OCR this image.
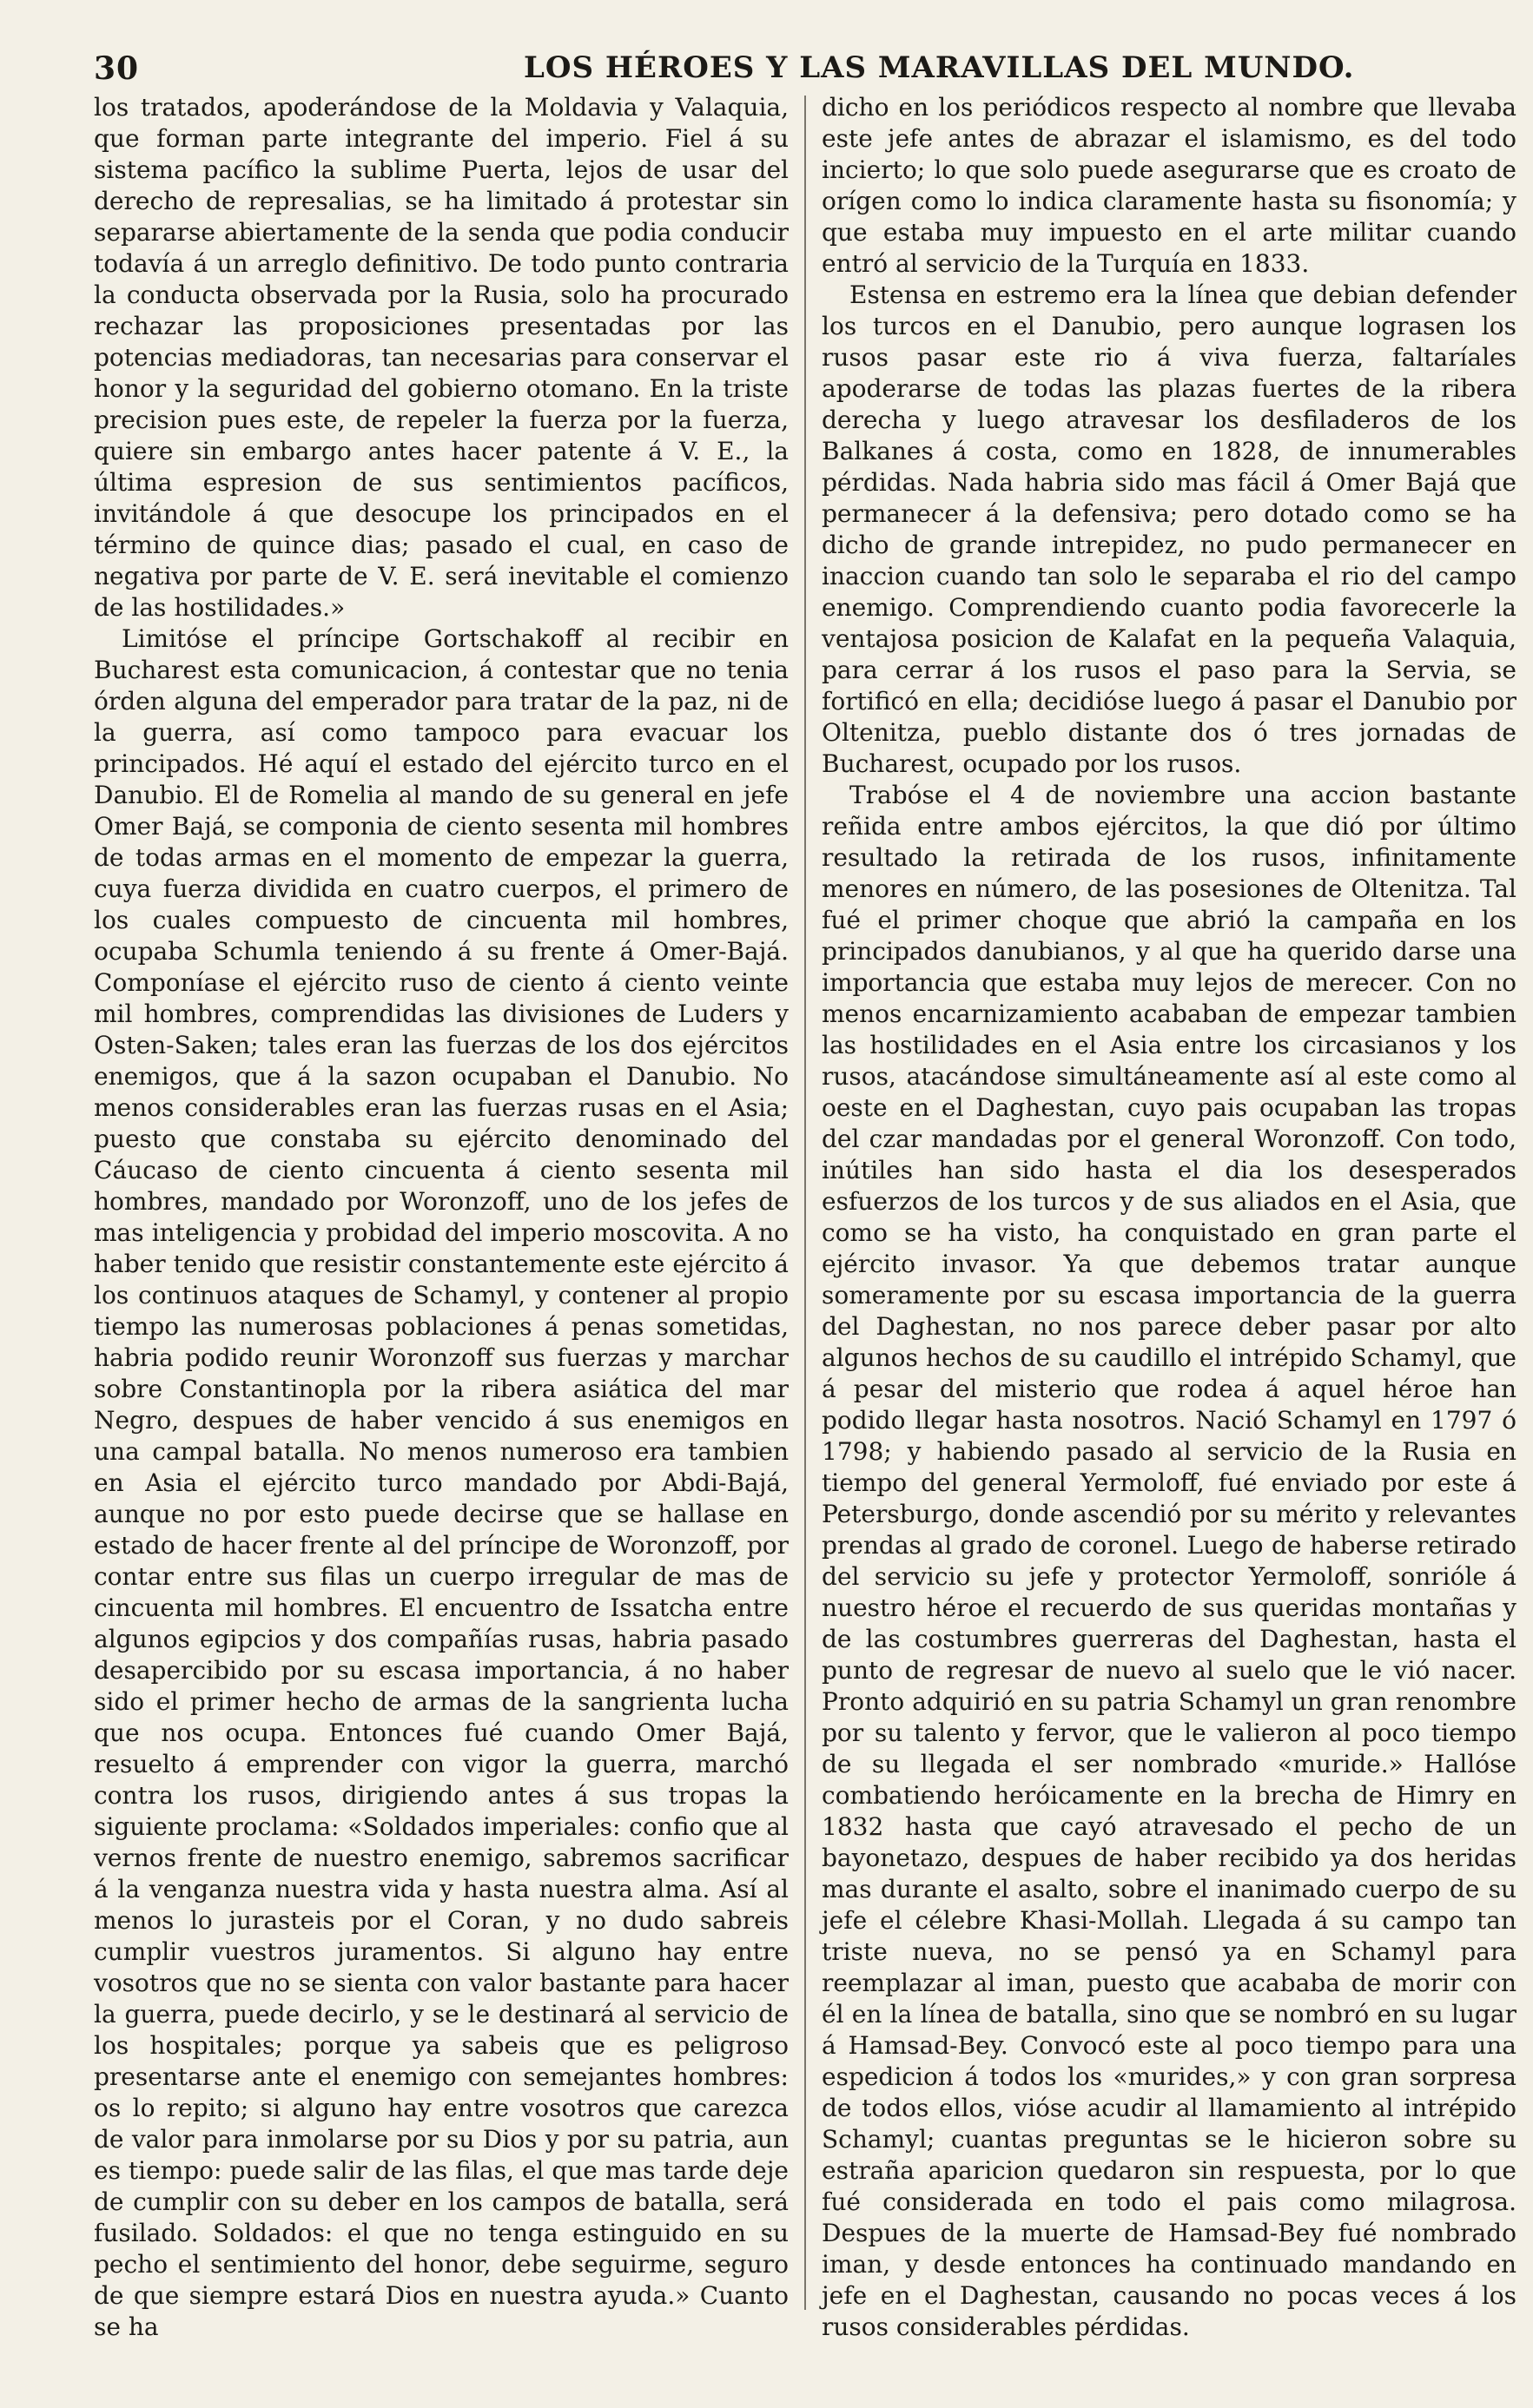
30	LOS HÉROES Y LAS MARAVILLAS DEL MUNDO.

los tratados, apoderándose de la Moldavia y Valaquia, que forman parte integrante del imperio. Fiel á su sistema pacífico la sublime Puerta, lejos de usar del derecho de represalias, se ha limitado á protestar sin separarse abiertamente de la senda que podia conducir todavía á un arreglo definitivo. De todo punto contraria la conducta observada por la Rusia, solo ha procurado rechazar las proposiciones presentadas por las potencias mediadoras, tan necesarias para conservar el honor y la seguridad del gobierno otomano. En la triste precision pues este, de repeler la fuerza por la fuerza, quiere sin embargo antes hacer patente á V. E., la última espresion de sus sentimientos pacíficos, invitándole á que desocupe los principados en el término de quince dias; pasado el cual, en caso de negativa por parte de V. E. será inevitable el comienzo de las hostilidades.»

Limitóse el príncipe Gortschakoff al recibir en Bucharest esta comunicacion, á contestar que no tenia órden alguna del emperador para tratar de la paz, ni de la guerra, así como tampoco para evacuar los principados. Hé aquí el estado del ejército turco en el Danubio. El de Romelia al mando de su general en jefe Omer Bajá, se componia de ciento sesenta mil hombres de todas armas en el momento de empezar la guerra, cuya fuerza dividida en cuatro cuerpos, el primero de los cuales compuesto de cincuenta mil hombres, ocupaba Schumla teniendo á su frente á Omer-Bajá. Componíase el ejército ruso de ciento á ciento veinte mil hombres, comprendidas las divisiones de Luders y Osten-Saken; tales eran las fuerzas de los dos ejércitos enemigos, que á la sazon ocupaban el Danubio. No menos considerables eran las fuerzas rusas en el Asia; puesto que constaba su ejército denominado del Cáucaso de ciento cincuenta á ciento sesenta mil hombres, mandado por Woronzoff, uno de los jefes de mas inteligencia y probidad del imperio moscovita. A no haber tenido que resistir constantemente este ejército á los continuos ataques de Schamyl, y contener al propio tiempo las numerosas poblaciones á penas sometidas, habria podido reunir Woronzoff sus fuerzas y marchar sobre Constantinopla por la ribera asiática del mar Negro, despues de haber vencido á sus enemigos en una campal batalla. No menos numeroso era tambien en Asia el ejército turco mandado por Abdi-Bajá, aunque no por esto puede decirse que se hallase en estado de hacer frente al del príncipe de Woronzoff, por contar entre sus filas un cuerpo irregular de mas de cincuenta mil hombres. El encuentro de Issatcha entre algunos egipcios y dos compañías rusas, habria pasado desapercibido por su escasa importancia, á no haber sido el primer hecho de armas de la sangrienta lucha que nos ocupa. Entonces fué cuando Omer Bajá, resuelto á emprender con vigor la guerra, marchó contra los rusos, dirigiendo antes á sus tropas la siguiente proclama: «Soldados imperiales: confio que al vernos frente de nuestro enemigo, sabremos sacrificar á la venganza nuestra vida y hasta nuestra alma. Así al menos lo jurasteis por el Coran, y no dudo sabreis cumplir vuestros juramentos. Si alguno hay entre vosotros que no se sienta con valor bastante para hacer la guerra, puede decirlo, y se le destinará al servicio de los hospitales; porque ya sabeis que es peligroso presentarse ante el enemigo con semejantes hombres: os lo repito; si alguno hay entre vosotros que carezca de valor para inmolarse por su Dios y por su patria, aun es tiempo: puede salir de las filas, el que mas tarde deje de cumplir con su deber en los campos de batalla, será fusilado. Soldados: el que no tenga estinguido en su pecho el sentimiento del honor, debe seguirme, seguro de que siempre estará Dios en nuestra ayuda.» Cuanto se ha

dicho en los periódicos respecto al nombre que llevaba este jefe antes de abrazar el islamismo, es del todo incierto; lo que solo puede asegurarse que es croato de orígen como lo indica claramente hasta su fisonomía; y que estaba muy impuesto en el arte militar cuando entró al servicio de la Turquía en 1833.

Estensa en estremo era la línea que debian defender los turcos en el Danubio, pero aunque lograsen los rusos pasar este rio á viva fuerza, faltaríales apoderarse de todas las plazas fuertes de la ribera derecha y luego atravesar los desfiladeros de los Balkanes á costa, como en 1828, de innumerables pérdidas. Nada habria sido mas fácil á Omer Bajá que permanecer á la defensiva; pero dotado como se ha dicho de grande intrepidez, no pudo permanecer en inaccion cuando tan solo le separaba el rio del campo enemigo. Comprendiendo cuanto podia favorecerle la ventajosa posicion de Kalafat en la pequeña Valaquia, para cerrar á los rusos el paso para la Servia, se fortificó en ella; decidióse luego á pasar el Danubio por Oltenitza, pueblo distante dos ó tres jornadas de Bucharest, ocupado por los rusos.

Trabóse el 4 de noviembre una accion bastante reñida entre ambos ejércitos, la que dió por último resultado la retirada de los rusos, infinitamente menores en número, de las posesiones de Oltenitza. Tal fué el primer choque que abrió la campaña en los principados danubianos, y al que ha querido darse una importancia que estaba muy lejos de merecer. Con no menos encarnizamiento acababan de empezar tambien las hostilidades en el Asia entre los circasianos y los rusos, atacándose simultáneamente así al este como al oeste en el Daghestan, cuyo pais ocupaban las tropas del czar mandadas por el general Woronzoff. Con todo, inútiles han sido hasta el dia los desesperados esfuerzos de los turcos y de sus aliados en el Asia, que como se ha visto, ha conquistado en gran parte el ejército invasor. Ya que debemos tratar aunque someramente por su escasa importancia de la guerra del Daghestan, no nos parece deber pasar por alto algunos hechos de su caudillo el intrépido Schamyl, que á pesar del misterio que rodea á aquel héroe han podido llegar hasta nosotros. Nació Schamyl en 1797 ó 1798; y habiendo pasado al servicio de la Rusia en tiempo del general Yermoloff, fué enviado por este á Petersburgo, donde ascendió por su mérito y relevantes prendas al grado de coronel. Luego de haberse retirado del servicio su jefe y protector Yermoloff, sonrióle á nuestro héroe el recuerdo de sus queridas montañas y de las costumbres guerreras del Daghestan, hasta el punto de regresar de nuevo al suelo que le vió nacer. Pronto adquirió en su patria Schamyl un gran renombre por su talento y fervor, que le valieron al poco tiempo de su llegada el ser nombrado «muride.» Hallóse combatiendo heróicamente en la brecha de Himry en 1832 hasta que cayó atravesado el pecho de un bayonetazo, despues de haber recibido ya dos heridas mas durante el asalto, sobre el inanimado cuerpo de su jefe el célebre Khasi-Mollah. Llegada á su campo tan triste nueva, no se pensó ya en Schamyl para reemplazar al iman, puesto que acababa de morir con él en la línea de batalla, sino que se nombró en su lugar á Hamsad-Bey. Convocó este al poco tiempo para una espedicion á todos los «murides,» y con gran sorpresa de todos ellos, vióse acudir al llamamiento al intrépido Schamyl; cuantas preguntas se le hicieron sobre su estraña aparicion quedaron sin respuesta, por lo que fué considerada en todo el pais como milagrosa. Despues de la muerte de Hamsad-Bey fué nombrado iman, y desde entonces ha continuado mandando en jefe en el Daghestan, causando no pocas veces á los rusos considerables pérdidas.
